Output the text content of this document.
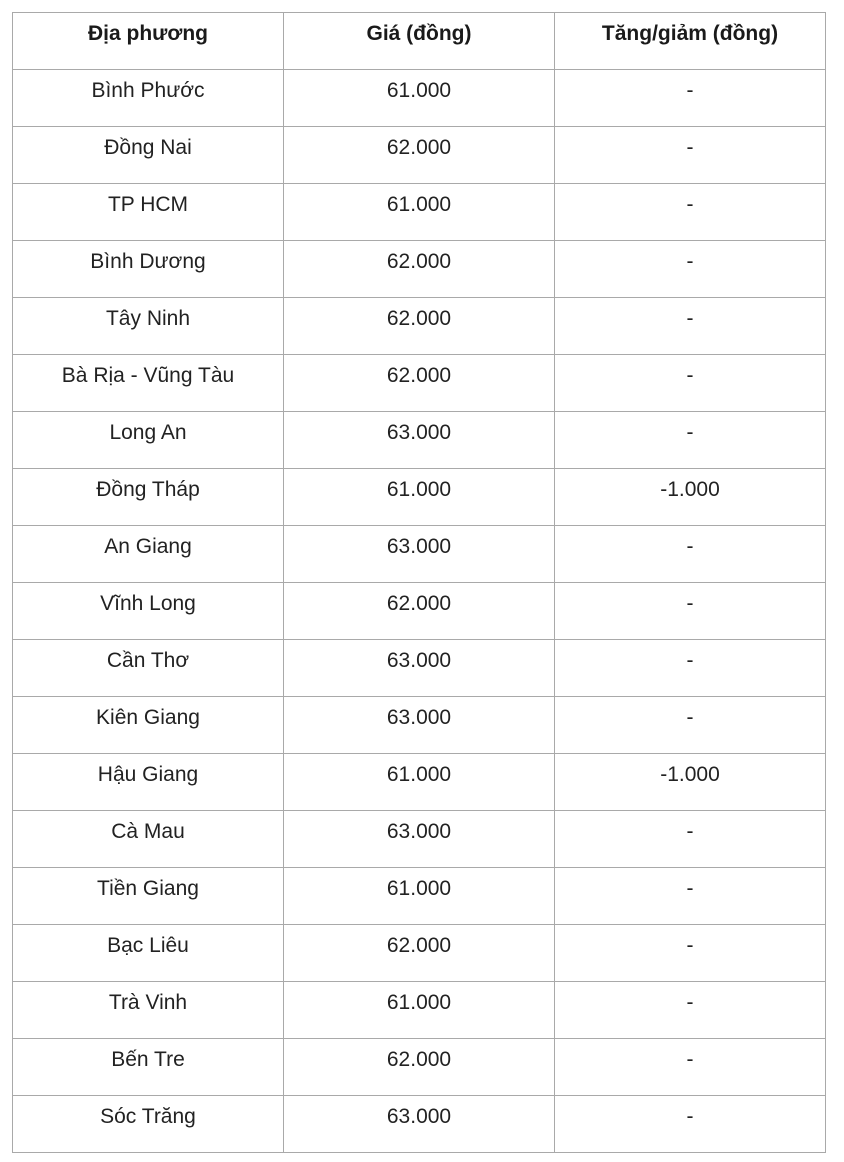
Địa phương	Giá (đồng)	Tăng/giảm (đồng)

Bình Phước	61.000	-

Đồng Nai	62.000	-

TP HCM	61.000	-

Bình Dương	62.000	-

Tây Ninh	62.000	-

Bà Rịa - Vũng Tàu	62.000	-

Long An	63.000	-

Đồng Tháp	61.000	-1.000

An Giang	63.000	-

Vĩnh Long	62.000	-

Cần Thơ	63.000	-

Kiên Giang	63.000	-

Hậu Giang	61.000	-1.000

Cà Mau	63.000	-

Tiền Giang	61.000	-

Bạc Liêu	62.000	-

Trà Vinh	61.000	-

Bến Tre	62.000	-

Sóc Trăng	63.000	-
